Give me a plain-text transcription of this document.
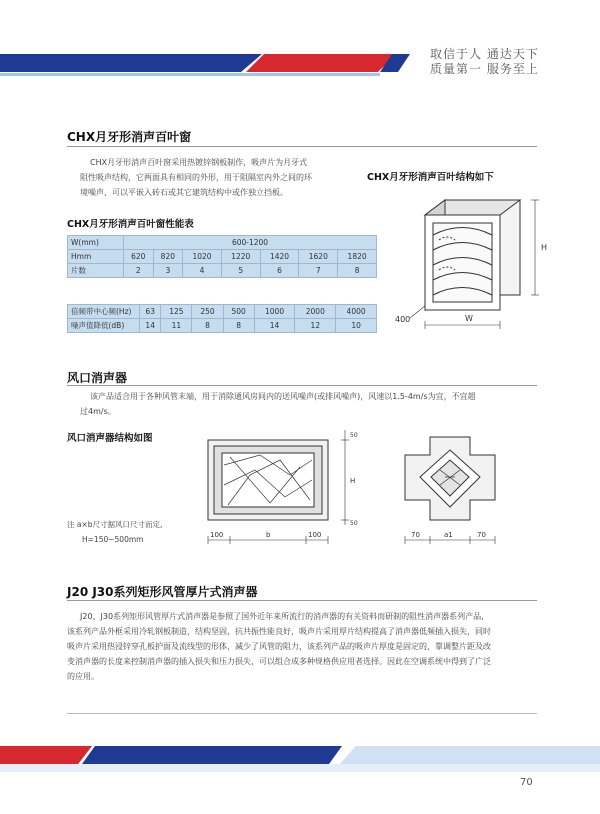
取信于人 通达天下
质量第一 服务至上
CHX月牙形消声百叶窗
CHX月牙形消声百叶窗采用热镀锌钢板制作，吸声片为月牙式
阻性吸声结构，它两面具有相同的外形，用于阻隔室内外之间的环
境噪声，可以平嵌入砖石或其它建筑结构中或作独立挡板。
CHX月牙形消声百叶结构如下
CHX月牙形消声百叶窗性能表
W(mm)	600-1200						
Hmm	620	820	1020	1220	1420	1620	1820
片数	2	3	4	5	6	7	8
倍频带中心频(Hz)	63	125	250	500	1000	2000	4000
噪声值降低(dB)	14	11	8	8	14	12	10
H
W
400
风口消声器
该产品适合用于各种风管末端，用于消除通风房间内的送风噪声(或排风噪声)，风速以1.5-4m/s为宜，不宜超
过4m/s。
风口消声器结构如图
注 a×b尺寸据风口尺寸而定,
H=150~500mm	100	b	100
50
50
H
70	a1	70
J20 J30系列矩形风管厚片式消声器
J20、J30系列矩形风管厚片式消声器是参照了国外近年来所流行的消声器的有关资料而研制的阻性消声器系列产品,
该系列产品外框采用冷轧钢板制造，结构坚固，抗共振性能良好，吸声片采用厚片结构提高了消声器低频插入损失，同时
吸声片采用热浸锌穿孔板护面及流线型的形体，减少了风管的阻力，该系列产品的吸声片厚度是固定的，靠调整片距及改
变消声器的长度来控制消声器的插入损失和压力损失，可以组合成多种规格供应用者选择。因此在空调系统中得到了广泛
的应用。
70
